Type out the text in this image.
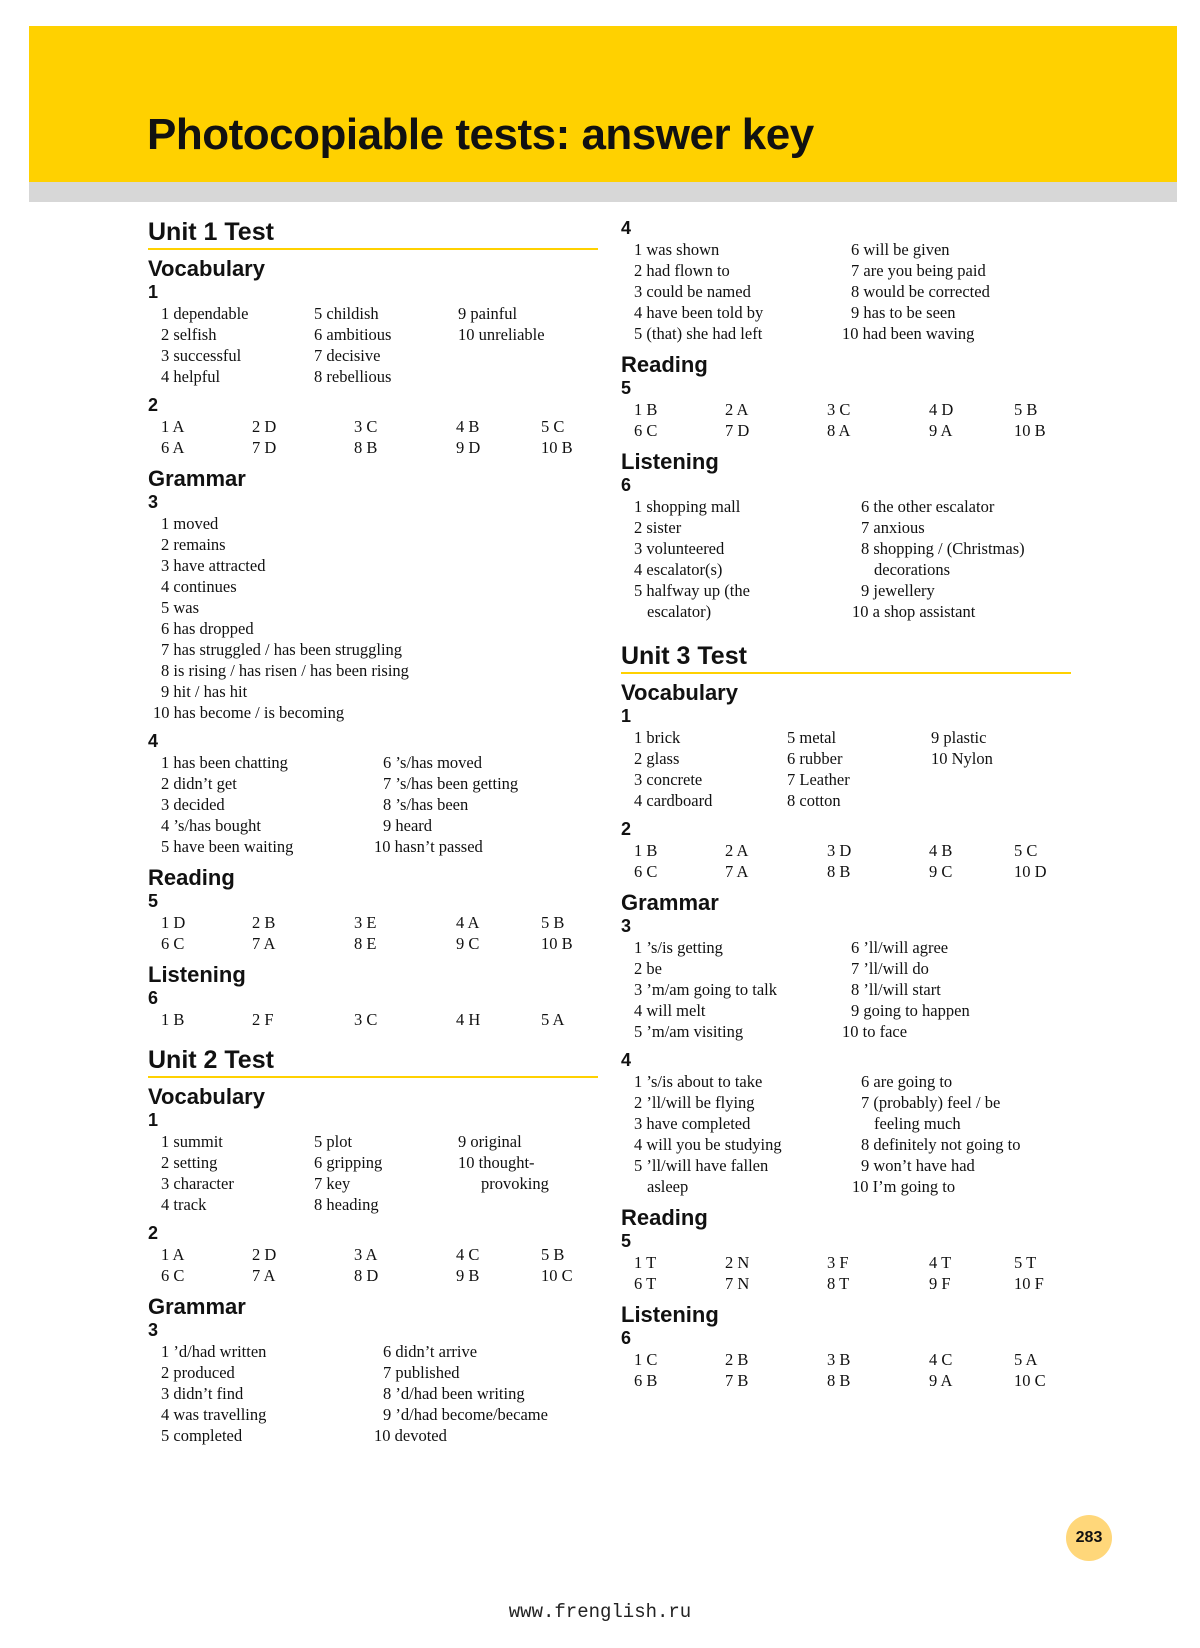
Photocopiable tests: answer key
Unit 1 Test
Vocabulary
1
1 dependable
2 selfish
3 successful
4 helpful
5 childish
6 ambitious
7 decisive
8 rebellious
9 painful
10 unreliable
2
1 A	2 D	3 C	4 B	5 C
6 A	7 D	8 B	9 D	10 B
Grammar
3
1 moved
2 remains
3 have attracted
4 continues
5 was
6 has dropped
7 has struggled / has been struggling
8 is rising / has risen / has been rising
9 hit / has hit
10 has become / is becoming
4
1 has been chatting
2 didn’t get
3 decided
4 ’s/has bought
5 have been waiting
6 ’s/has moved
7 ’s/has been getting
8 ’s/has been
9 heard
10 hasn’t passed
Reading
5
1 D	2 B	3 E	4 A	5 B
6 C	7 A	8 E	9 C	10 B
Listening
6
1 B	2 F	3 C	4 H	5 A
Unit 2 Test
Vocabulary
1
1 summit
2 setting
3 character
4 track
5 plot
6 gripping
7 key
8 heading
9 original
10 thought-
provoking
2
1 A	2 D	3 A	4 C	5 B
6 C	7 A	8 D	9 B	10 C
Grammar
3
1 ’d/had written
2 produced
3 didn’t find
4 was travelling
5 completed
6 didn’t arrive
7 published
8 ’d/had been writing
9 ’d/had become/became
10 devoted
4
1 was shown
2 had flown to
3 could be named
4 have been told by
5 (that) she had left
6 will be given
7 are you being paid
8 would be corrected
9 has to be seen
10 had been waving
Reading
5
1 B	2 A	3 C	4 D	5 B
6 C	7 D	8 A	9 A	10 B
Listening
6
1 shopping mall
2 sister
3 volunteered
4 escalator(s)
5 halfway up (the
escalator)
6 the other escalator
7 anxious
8 shopping / (Christmas)
decorations
9 jewellery
10 a shop assistant
Unit 3 Test
Vocabulary
1
1 brick
2 glass
3 concrete
4 cardboard
5 metal
6 rubber
7 Leather
8 cotton
9 plastic
10 Nylon
2
1 B	2 A	3 D	4 B	5 C
6 C	7 A	8 B	9 C	10 D
Grammar
3
1 ’s/is getting
2 be
3 ’m/am going to talk
4 will melt
5 ’m/am visiting
6 ’ll/will agree
7 ’ll/will do
8 ’ll/will start
9 going to happen
10 to face
4
1 ’s/is about to take
2 ’ll/will be flying
3 have completed
4 will you be studying
5 ’ll/will have fallen
asleep
6 are going to
7 (probably) feel / be
feeling much
8 definitely not going to
9 won’t have had
10 I’m going to
Reading
5
1 T	2 N	3 F	4 T	5 T
6 T	7 N	8 T	9 F	10 F
Listening
6
1 C	2 B	3 B	4 C	5 A
6 B	7 B	8 B	9 A	10 C
283
www.frenglish.ru
